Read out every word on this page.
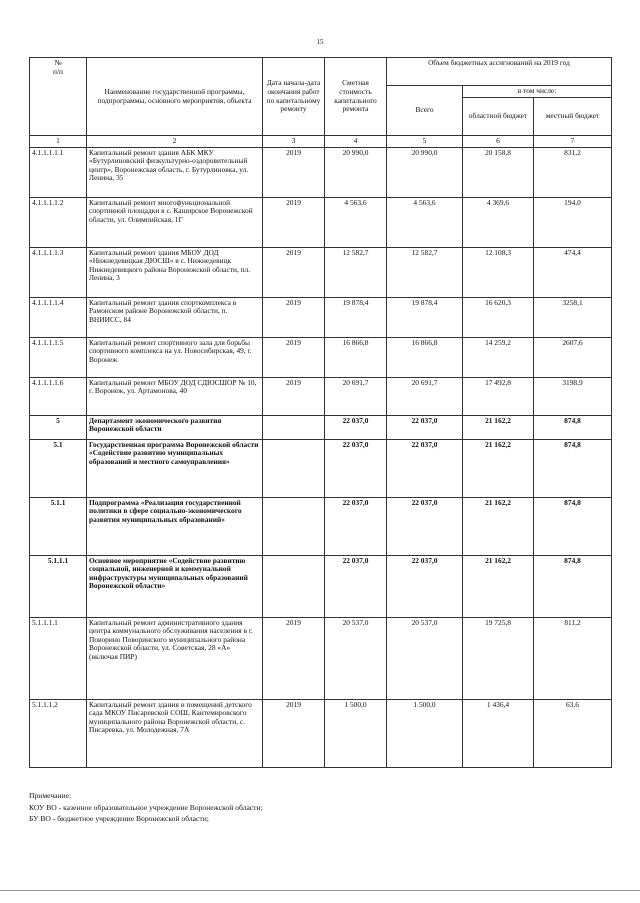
15
№
п/п	Наименование государственной программы, подпрограммы, основного мероприятия, объекта	Дата начала-дата окончания работ по капитальному ремонту	Сметная стоимость капитального ремонта	Объем бюджетных ассигнований на 2019 год		
				Всего	в том числе:	
					областной бюджет	местный бюджет
1	2	3	4	5	6	7
4.1.1.1.1.1	Капитальный ремонт здания АБК МКУ «Бутурлиновский физкультурно-оздоровительный центр», Воронежская область, г. Бутурлиновка, ул. Ленина, 35	2019	20 990,0	20 990,0	20 158,8	831,2
4.1.1.1.1.2	Капитальный ремонт многофункциональной спортивной площадки в с. Каширское Воронежской области, ул. Олимпийская, 1Г	2019	4 563,6	4 563,6	4 369,6	194,0
4.1.1.1.1.3	Капитальный ремонт здания МБОУ ДОД «Нижнедевицкая ДЮСШ» в с. Нижнедевицк Нижнедевицкого района Воронежской области, пл. Ленина, 3	2019	12 582,7	12 582,7	12 108,3	474,4
4.1.1.1.1.4	Капитальный ремонт здания спорткомплекса в Рамонском районе Воронежской области, п. ВНИИСС, 84	2019	19 878,4	19 878,4	16 620,3	3258,1
4.1.1.1.1.5	Капитальный ремонт спортивного зала для борьбы спортивного комплекса на ул. Новосибирская, 49, г. Воронеж	2019	16 866,8	16 866,8	14 259,2	2607,6
4.1.1.1.1.6	Капитальный ремонт МБОУ ДОД СДЮСШОР № 10, г. Воронеж, ул. Артамонова, 40	2019	20 691,7	20 691,7	17 492,8	3198,9
5	Департамент экономического развития Воронежской области		22 037,0	22 037,0	21 162,2	874,8
5.1	Государственная программа Воронежской области «Содействие развитию муниципальных образований и местного самоуправления»		22 037,0	22 037,0	21 162,2	874,8
5.1.1	Подпрограмма «Реализация государственной политики в сфере социально-экономического развития муниципальных образований»		22 037,0	22 037,0	21 162,2	874,8
5.1.1.1	Основное мероприятие «Содействие развитию социальной, инженерной и коммунальной инфраструктуры муниципальных образований Воронежской области»		22 037,0	22 037,0	21 162,2	874,8
5.1.1.1.1	Капитальный ремонт административного здания центра коммунального обслуживания населения в г. Поворино Поворинского муниципального района Воронежской области, ул. Советская, 28 «А» (включая ПИР)	2019	20 537,0	20 537,0	19 725,8	811,2
5.1.1.1.2	Капитальный ремонт здания и помещений детского сада МКОУ Писаревской СОШ, Кантемировского муниципального района Воронежской области, с. Писаревка, ул. Молодежная, 7А	2019	1 500,0	1 500,0	1 436,4	63,6
Примечание:
КОУ ВО - казенное образовательное учреждение Воронежской области;
БУ ВО - бюджетное учреждение Воронежской области;
